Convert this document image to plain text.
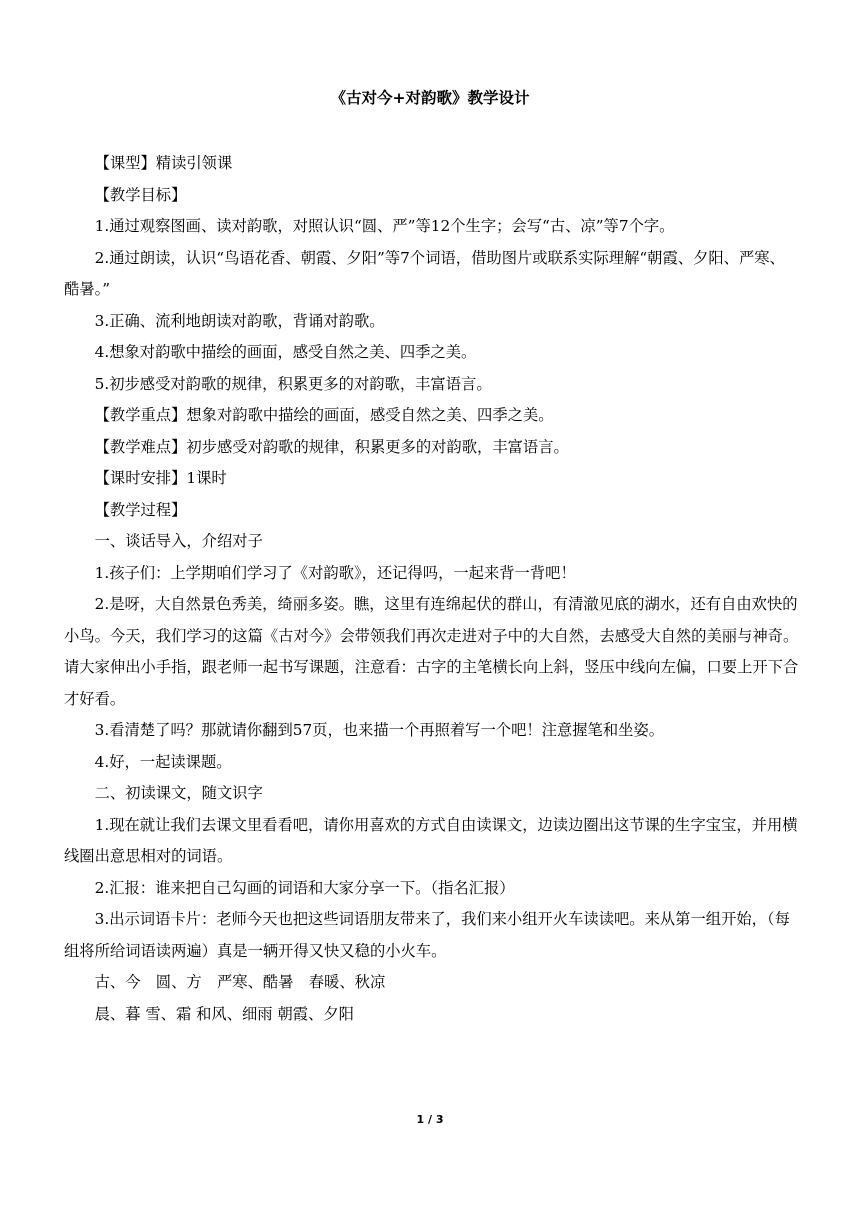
《古对今+对韵歌》教学设计

【课型】精读引领课

【教学目标】

1.通过观察图画、读对韵歌，对照认识“圆、严”等12个生字；会写“古、凉”等7个字。

2.通过朗读，认识“鸟语花香、朝霞、夕阳”等7个词语，借助图片或联系实际理解“朝霞、夕阳、严寒、酷暑。”

3.正确、流利地朗读对韵歌，背诵对韵歌。

4.想象对韵歌中描绘的画面，感受自然之美、四季之美。

5.初步感受对韵歌的规律，积累更多的对韵歌，丰富语言。

【教学重点】想象对韵歌中描绘的画面，感受自然之美、四季之美。

【教学难点】初步感受对韵歌的规律，积累更多的对韵歌，丰富语言。

【课时安排】1课时

【教学过程】

一、谈话导入，介绍对子

1.孩子们：上学期咱们学习了《对韵歌》，还记得吗，一起来背一背吧！

2.是呀，大自然景色秀美，绮丽多姿。瞧，这里有连绵起伏的群山，有清澈见底的湖水，还有自由欢快的小鸟。今天，我们学习的这篇《古对今》会带领我们再次走进对子中的大自然，去感受大自然的美丽与神奇。请大家伸出小手指，跟老师一起书写课题，注意看：古字的主笔横长向上斜，竖压中线向左偏，口要上开下合才好看。

3.看清楚了吗？那就请你翻到57页，也来描一个再照着写一个吧！注意握笔和坐姿。

4.好，一起读课题。

二、初读课文，随文识字

1.现在就让我们去课文里看看吧，请你用喜欢的方式自由读课文，边读边圈出这节课的生字宝宝，并用横线圈出意思相对的词语。

2.汇报：谁来把自己勾画的词语和大家分享一下。（指名汇报）

3.出示词语卡片：老师今天也把这些词语朋友带来了，我们来小组开火车读读吧。来从第一组开始，（每组将所给词语读两遍）真是一辆开得又快又稳的小火车。

古、今　圆、方　严寒、酷暑　春暖、秋凉

晨、暮 雪、霜 和风、细雨 朝霞、夕阳

1 / 3
